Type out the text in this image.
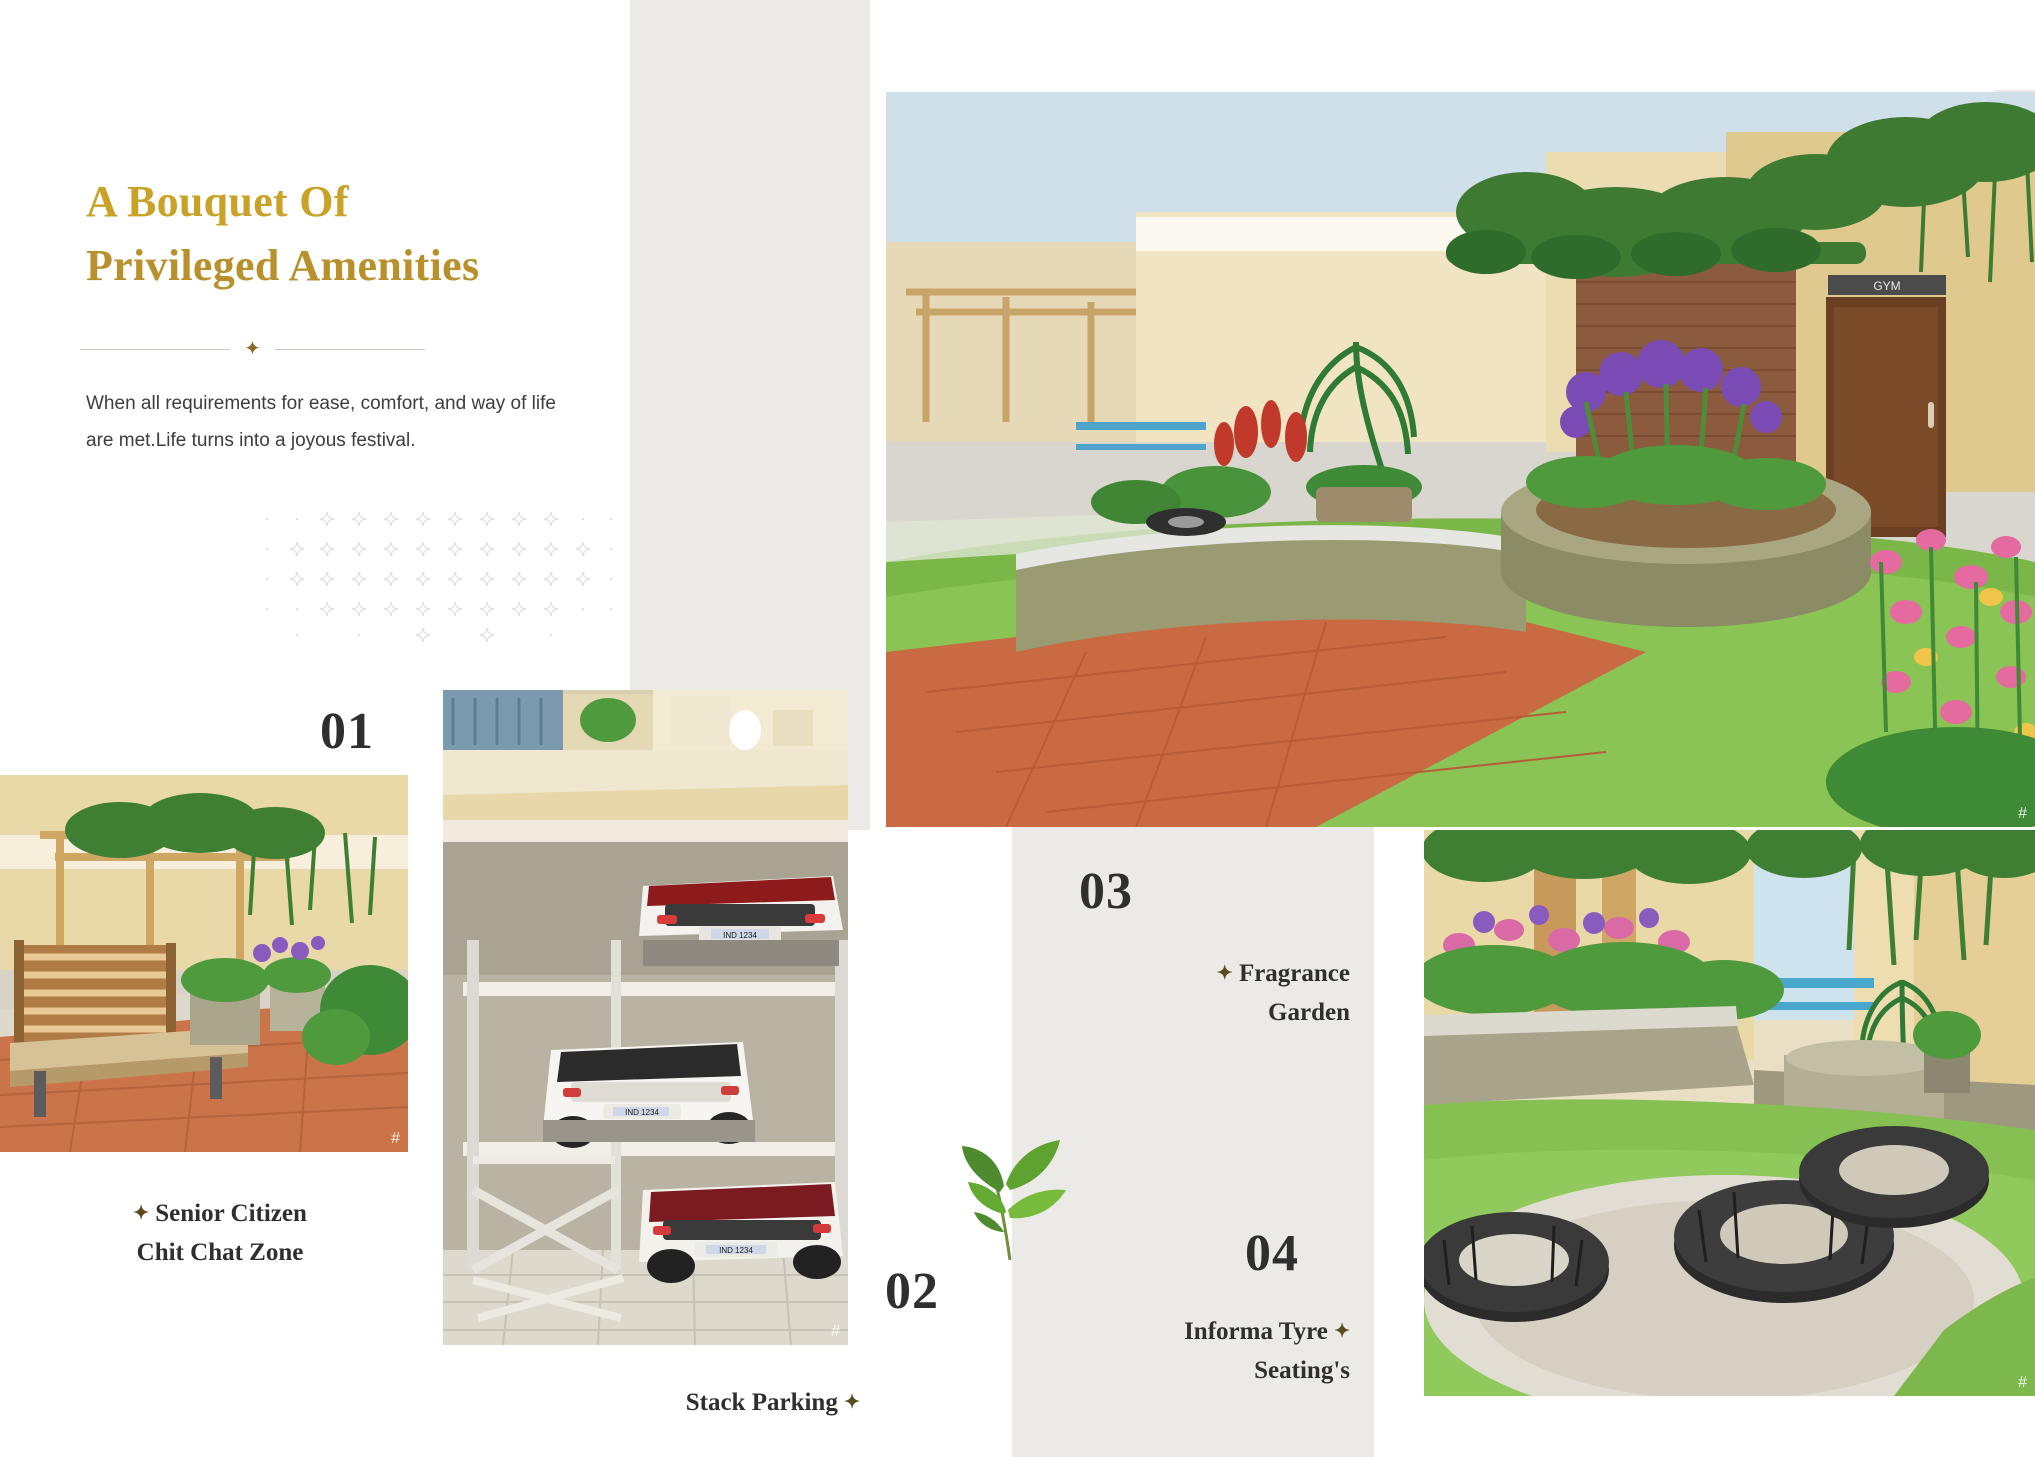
A Bouquet Of
Privileged Amenities
✦
When all requirements for ease, comfort, and way of life are met.Life turns into a joyous festival.
GYM
#
#
IND 1234
IND 1234
IND 1234
#
#
01
02
03
04
✦ Senior Citizen
Chit Chat Zone
Stack Parking ✦
✦ Fragrance
Garden
Informa Tyre ✦
Seating's
